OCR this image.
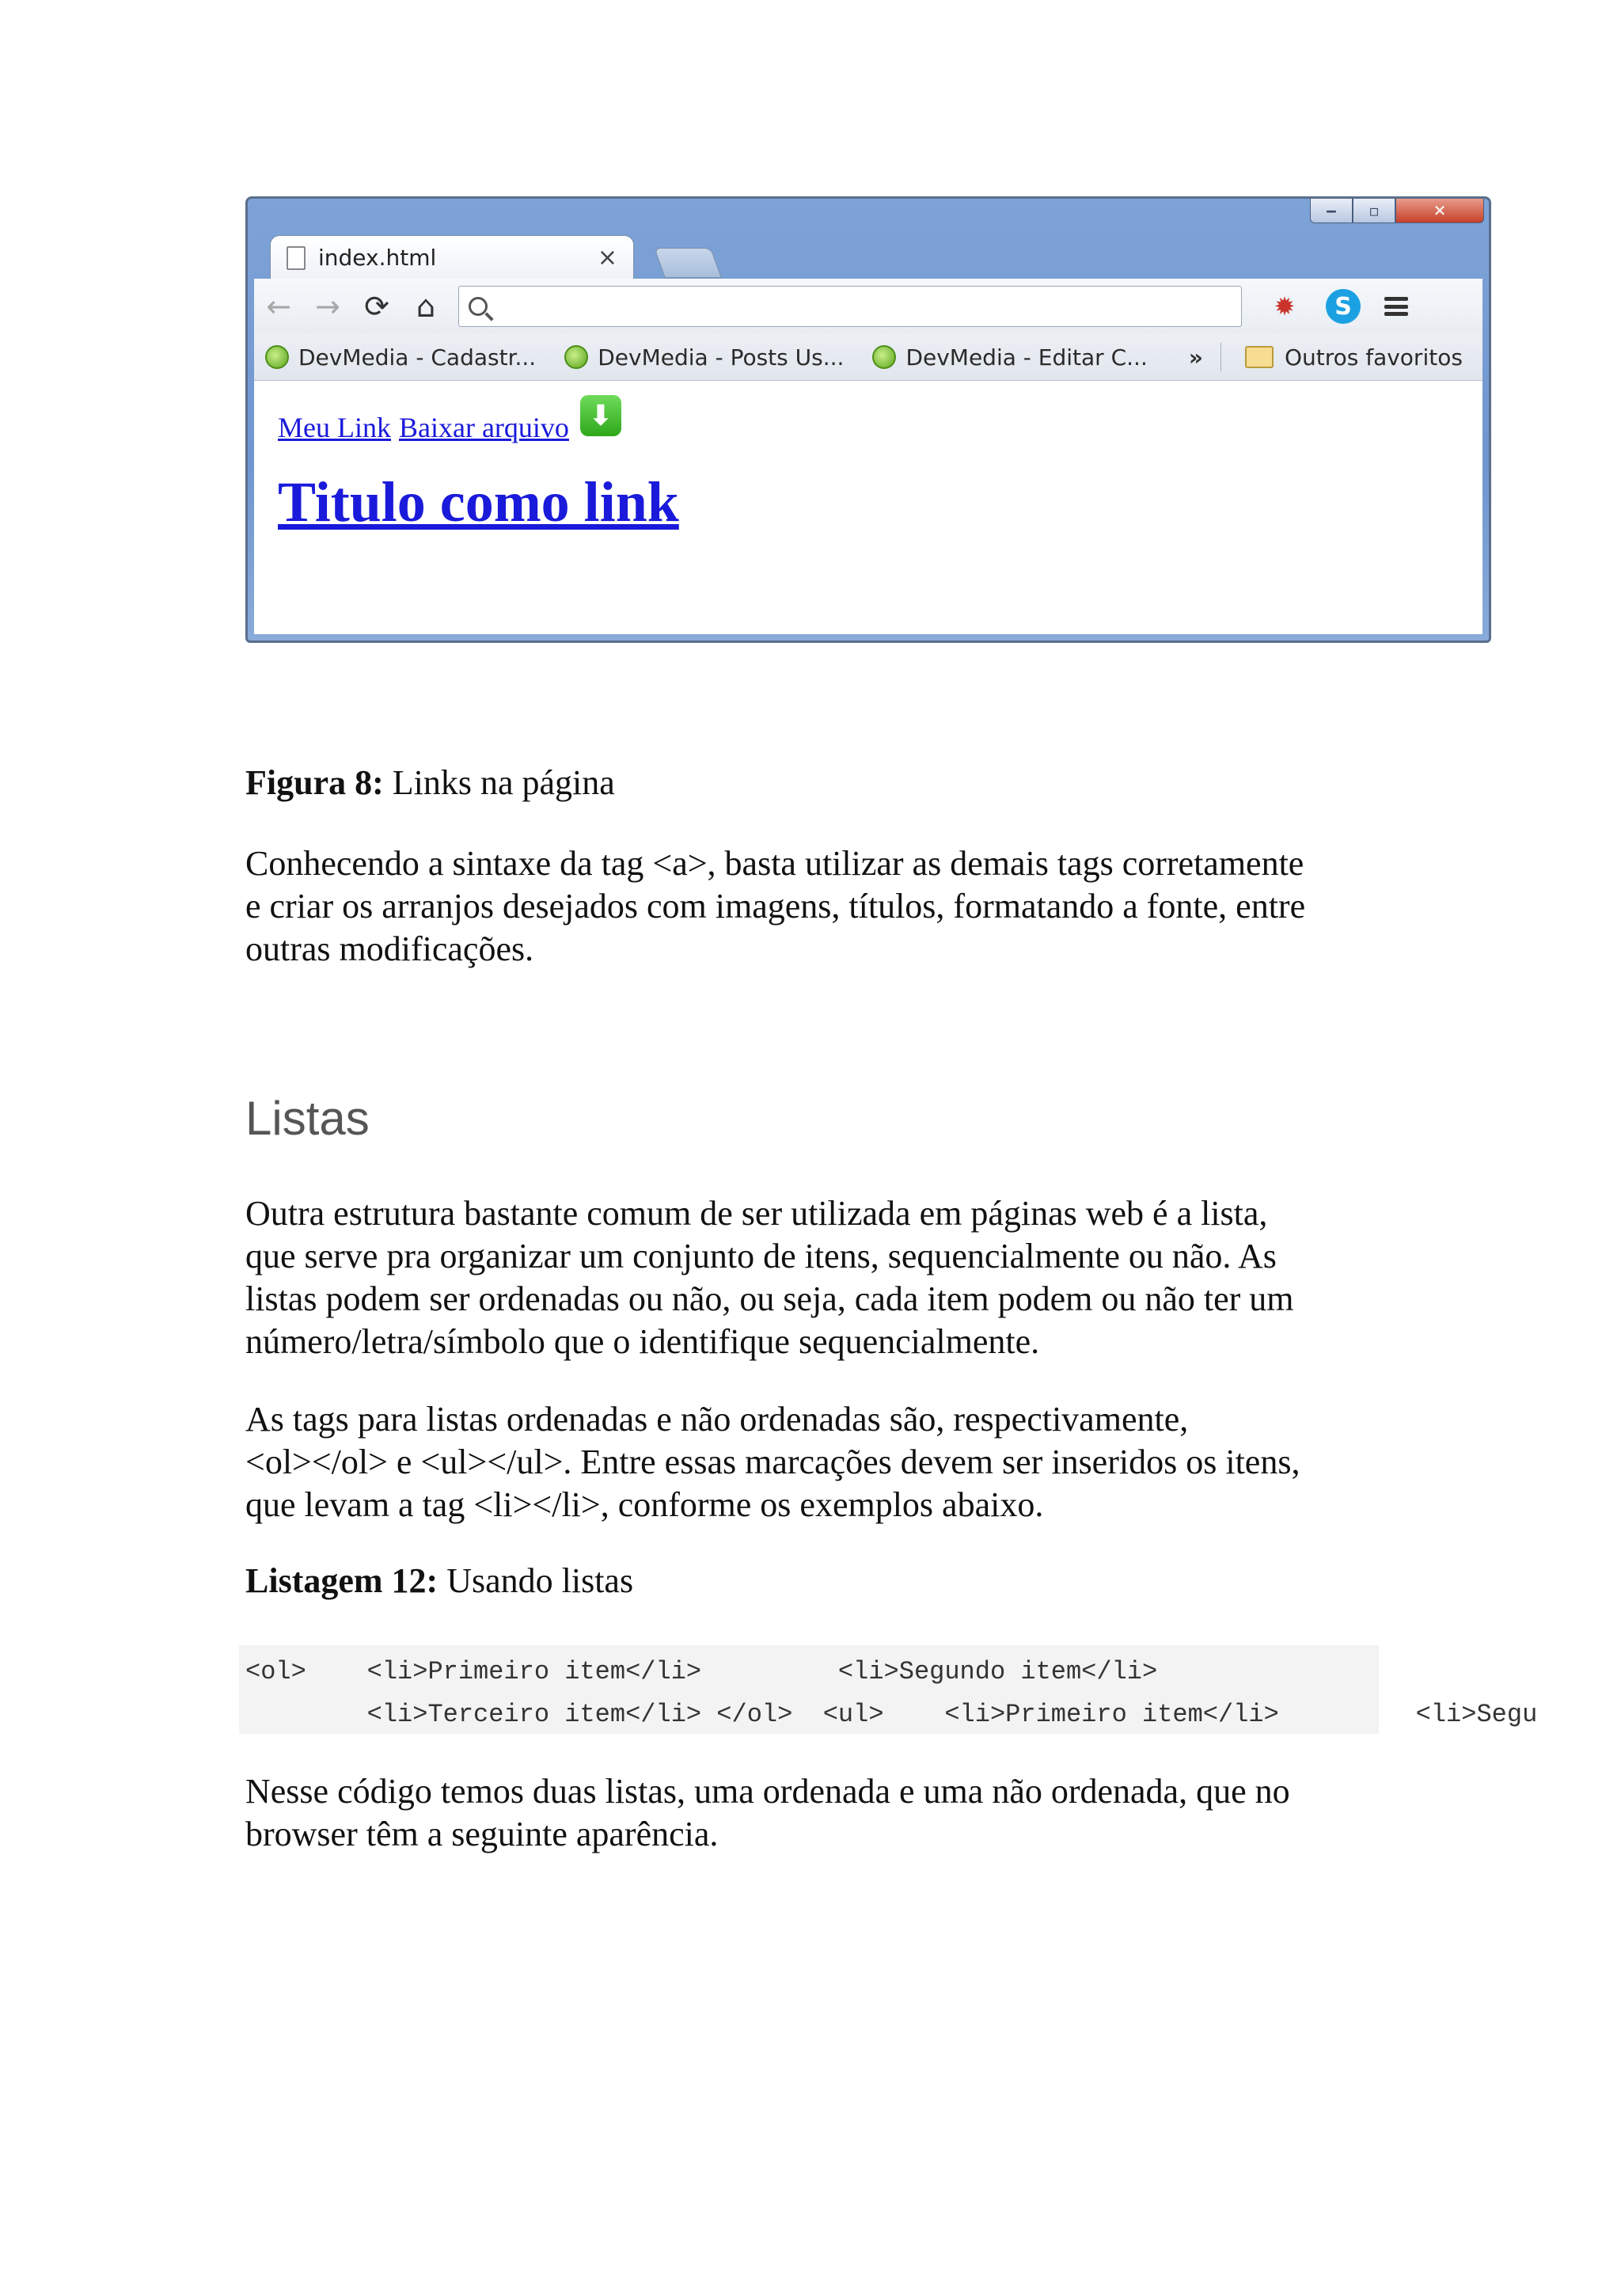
‒	▫	✕
index.html	×
← → ⟳ ⌂	✹	S
DevMedia - Cadastr...	DevMedia - Posts Us...	DevMedia - Editar C... »	Outros favoritos
Meu Link Baixar arquivo ⬇
Titulo como link

Figura 8: Links na página

Conhecendo a sintaxe da tag <a>, basta utilizar as demais tags corretamente
e criar os arranjos desejados com imagens, títulos, formatando a fonte, entre
outras modificações.

Listas

Outra estrutura bastante comum de ser utilizada em páginas web é a lista,
que serve pra organizar um conjunto de itens, sequencialmente ou não. As
listas podem ser ordenadas ou não, ou seja, cada item podem ou não ter um
número/letra/símbolo que o identifique sequencialmente.

As tags para listas ordenadas e não ordenadas são, respectivamente,
<ol></ol> e <ul></ul>. Entre essas marcações devem ser inseridos os itens,
que levam a tag <li></li>, conforme os exemplos abaixo.

Listagem 12: Usando listas

<ol>    <li>Primeiro item</li>         <li>Segundo item</li>
<li>Terceiro item</li> </ol>  <ul>    <li>Primeiro item</li>         <li>Segu

Nesse código temos duas listas, uma ordenada e uma não ordenada, que no
browser têm a seguinte aparência.
